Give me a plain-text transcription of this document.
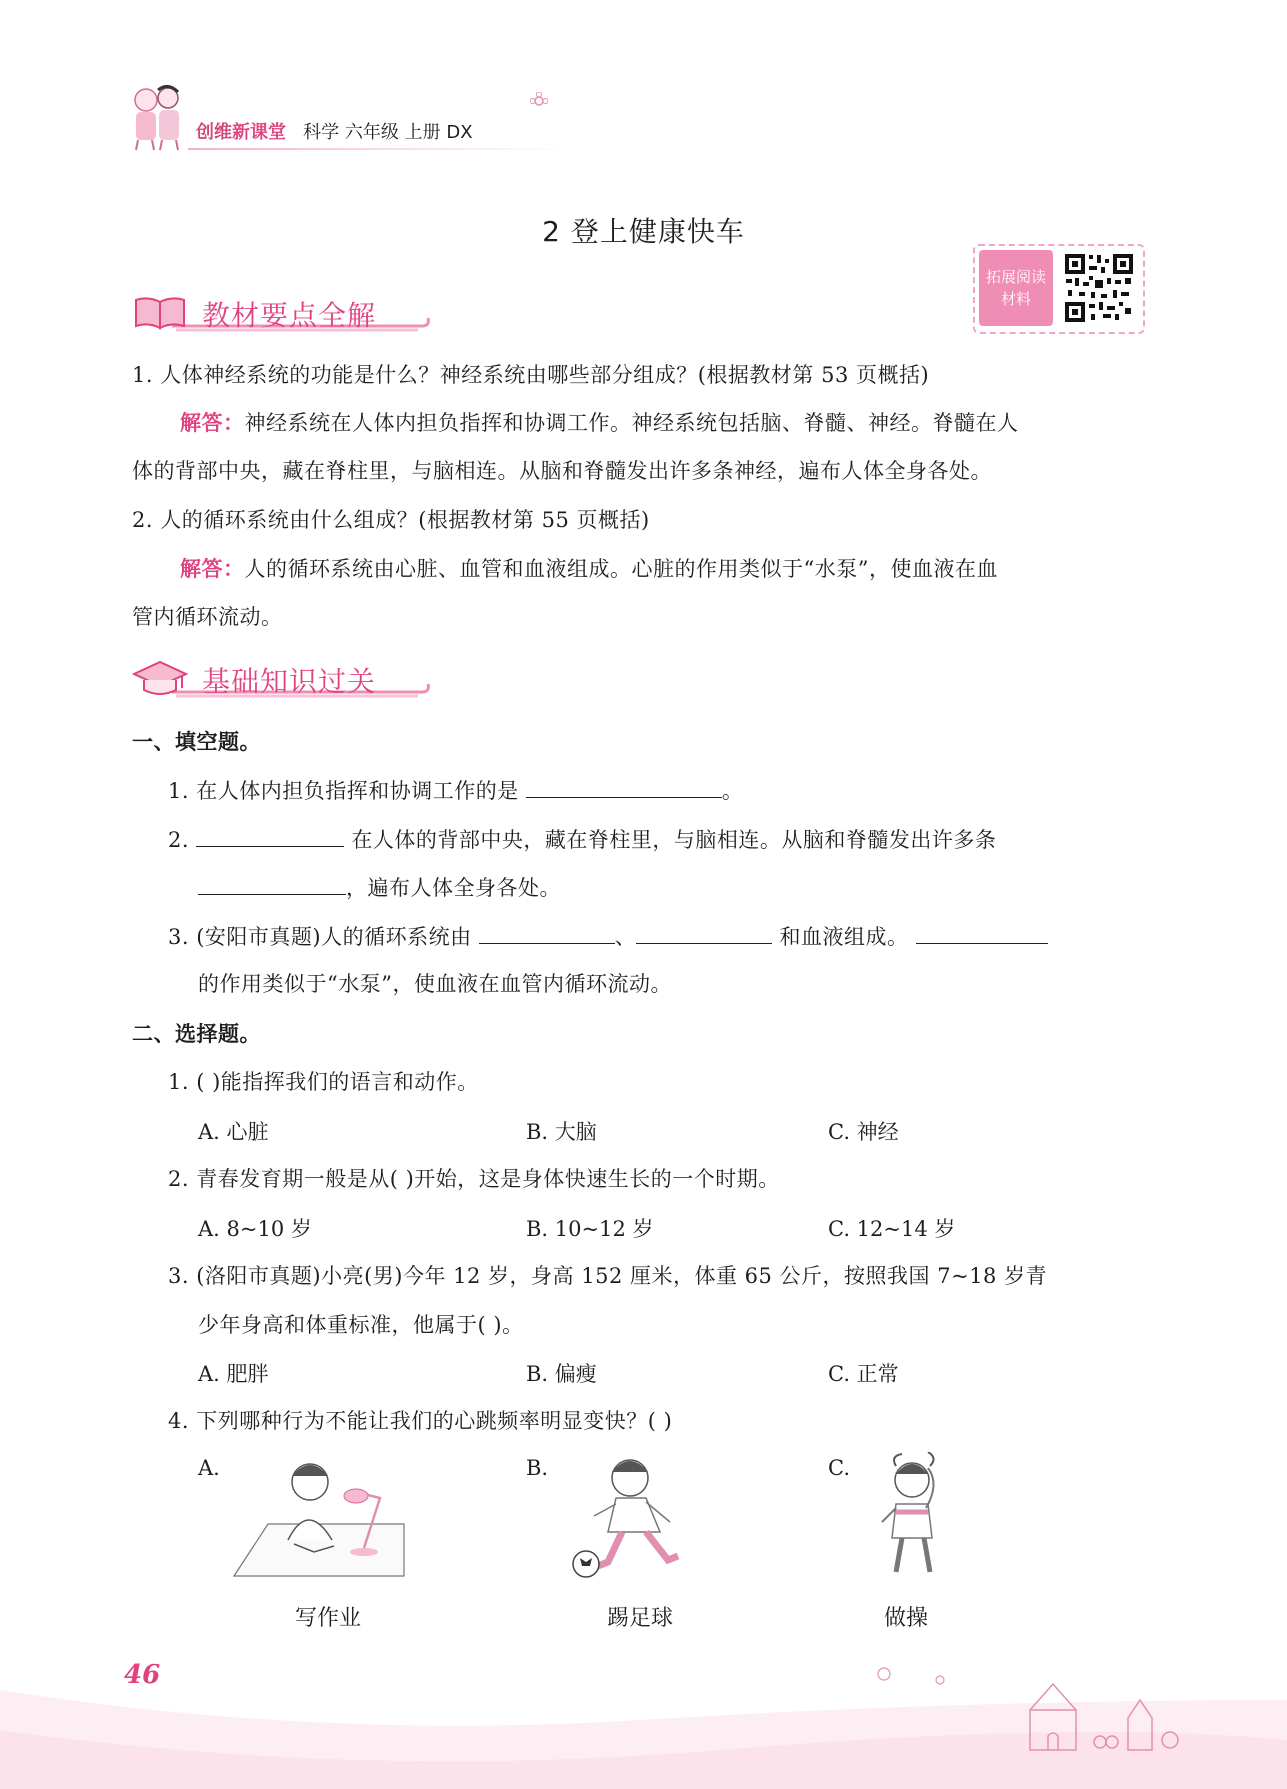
创维新课堂 科学 六年级 上册 DX
2 登上健康快车
拓展阅读材料
教材要点全解
1. 人体神经系统的功能是什么？神经系统由哪些部分组成？(根据教材第 53 页概括)
解答：神经系统在人体内担负指挥和协调工作。神经系统包括脑、脊髓、神经。脊髓在人
体的背部中央，藏在脊柱里，与脑相连。从脑和脊髓发出许多条神经，遍布人体全身各处。
2. 人的循环系统由什么组成？(根据教材第 55 页概括)
解答：人的循环系统由心脏、血管和血液组成。心脏的作用类似于“水泵”，使血液在血
管内循环流动。
基础知识过关
一、填空题。
1. 在人体内担负指挥和协调工作的是	。
2.	在人体的背部中央，藏在脊柱里，与脑相连。从脑和脊髓发出许多条
，遍布人体全身各处。
3. (安阳市真题)人的循环系统由	、	和血液组成。
的作用类似于“水泵”，使血液在血管内循环流动。
二、选择题。
1. ( )能指挥我们的语言和动作。
A. 心脏	B. 大脑	C. 神经
2. 青春发育期一般是从( )开始，这是身体快速生长的一个时期。
A. 8~10 岁	B. 10~12 岁	C. 12~14 岁
3. (洛阳市真题)小亮(男)今年 12 岁，身高 152 厘米，体重 65 公斤，按照我国 7~18 岁青
少年身高和体重标准，他属于( )。
A. 肥胖	B. 偏瘦	C. 正常
4. 下列哪种行为不能让我们的心跳频率明显变快？( )
A.	B.	C.
写作业	踢足球	做操
46
